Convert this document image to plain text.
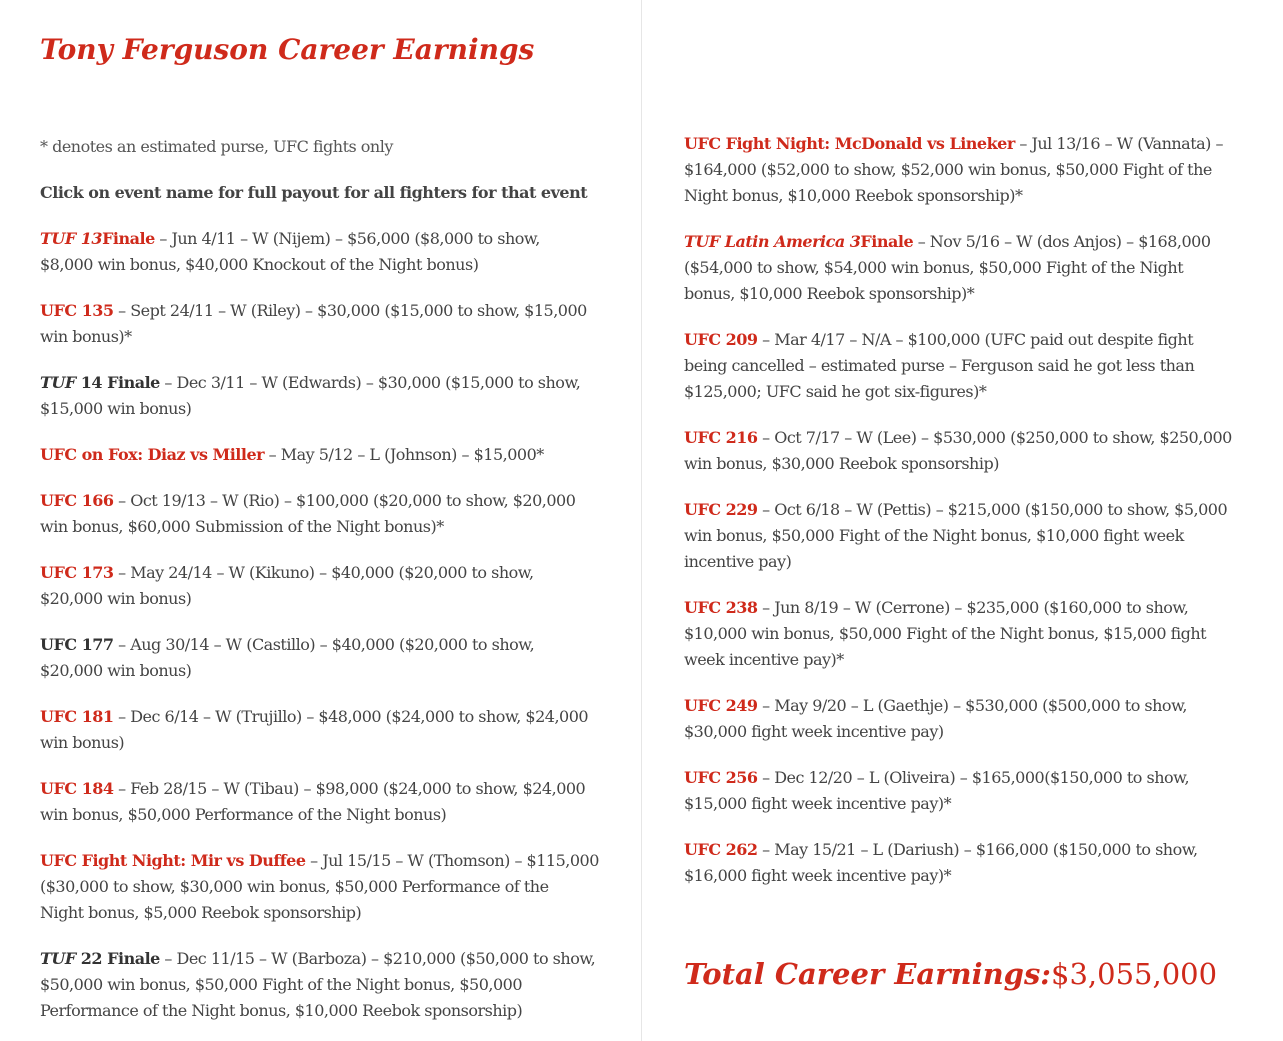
Tony Ferguson Career Earnings

* denotes an estimated purse, UFC fights only

Click on event name for full payout for all fighters for that event

TUF 13Finale – Jun 4/11 – W (Nijem) – $56,000 ($8,000 to show,
$8,000 win bonus, $40,000 Knockout of the Night bonus)
UFC 135 – Sept 24/11 – W (Riley) – $30,000 ($15,000 to show, $15,000
win bonus)*
TUF 14 Finale – Dec 3/11 – W (Edwards) – $30,000 ($15,000 to show,
$15,000 win bonus)
UFC on Fox: Diaz vs Miller – May 5/12 – L (Johnson) – $15,000*
UFC 166 – Oct 19/13 – W (Rio) – $100,000 ($20,000 to show, $20,000
win bonus, $60,000 Submission of the Night bonus)*
UFC 173 – May 24/14 – W (Kikuno) – $40,000 ($20,000 to show,
$20,000 win bonus)
UFC 177 – Aug 30/14 – W (Castillo) – $40,000 ($20,000 to show,
$20,000 win bonus)
UFC 181 – Dec 6/14 – W (Trujillo) – $48,000 ($24,000 to show, $24,000
win bonus)
UFC 184 – Feb 28/15 – W (Tibau) – $98,000 ($24,000 to show, $24,000
win bonus, $50,000 Performance of the Night bonus)
UFC Fight Night: Mir vs Duffee – Jul 15/15 – W (Thomson) – $115,000
($30,000 to show, $30,000 win bonus, $50,000 Performance of the
Night bonus, $5,000 Reebok sponsorship)
TUF 22 Finale – Dec 11/15 – W (Barboza) – $210,000 ($50,000 to show,
$50,000 win bonus, $50,000 Fight of the Night bonus, $50,000
Performance of the Night bonus, $10,000 Reebok sponsorship)
UFC Fight Night: McDonald vs Lineker – Jul 13/16 – W (Vannata) –
$164,000 ($52,000 to show, $52,000 win bonus, $50,000 Fight of the
Night bonus, $10,000 Reebok sponsorship)*
TUF Latin America 3Finale – Nov 5/16 – W (dos Anjos) – $168,000
($54,000 to show, $54,000 win bonus, $50,000 Fight of the Night
bonus, $10,000 Reebok sponsorship)*
UFC 209 – Mar 4/17 – N/A – $100,000 (UFC paid out despite fight
being cancelled – estimated purse – Ferguson said he got less than
$125,000; UFC said he got six-figures)*
UFC 216 – Oct 7/17 – W (Lee) – $530,000 ($250,000 to show, $250,000
win bonus, $30,000 Reebok sponsorship)
UFC 229 – Oct 6/18 – W (Pettis) – $215,000 ($150,000 to show, $5,000
win bonus, $50,000 Fight of the Night bonus, $10,000 fight week
incentive pay)
UFC 238 – Jun 8/19 – W (Cerrone) – $235,000 ($160,000 to show,
$10,000 win bonus, $50,000 Fight of the Night bonus, $15,000 fight
week incentive pay)*
UFC 249 – May 9/20 – L (Gaethje) – $530,000 ($500,000 to show,
$30,000 fight week incentive pay)
UFC 256 – Dec 12/20 – L (Oliveira) – $165,000($150,000 to show,
$15,000 fight week incentive pay)*
UFC 262 – May 15/21 – L (Dariush) – $166,000 ($150,000 to show,
$16,000 fight week incentive pay)*

Total Career Earnings:$3,055,000
